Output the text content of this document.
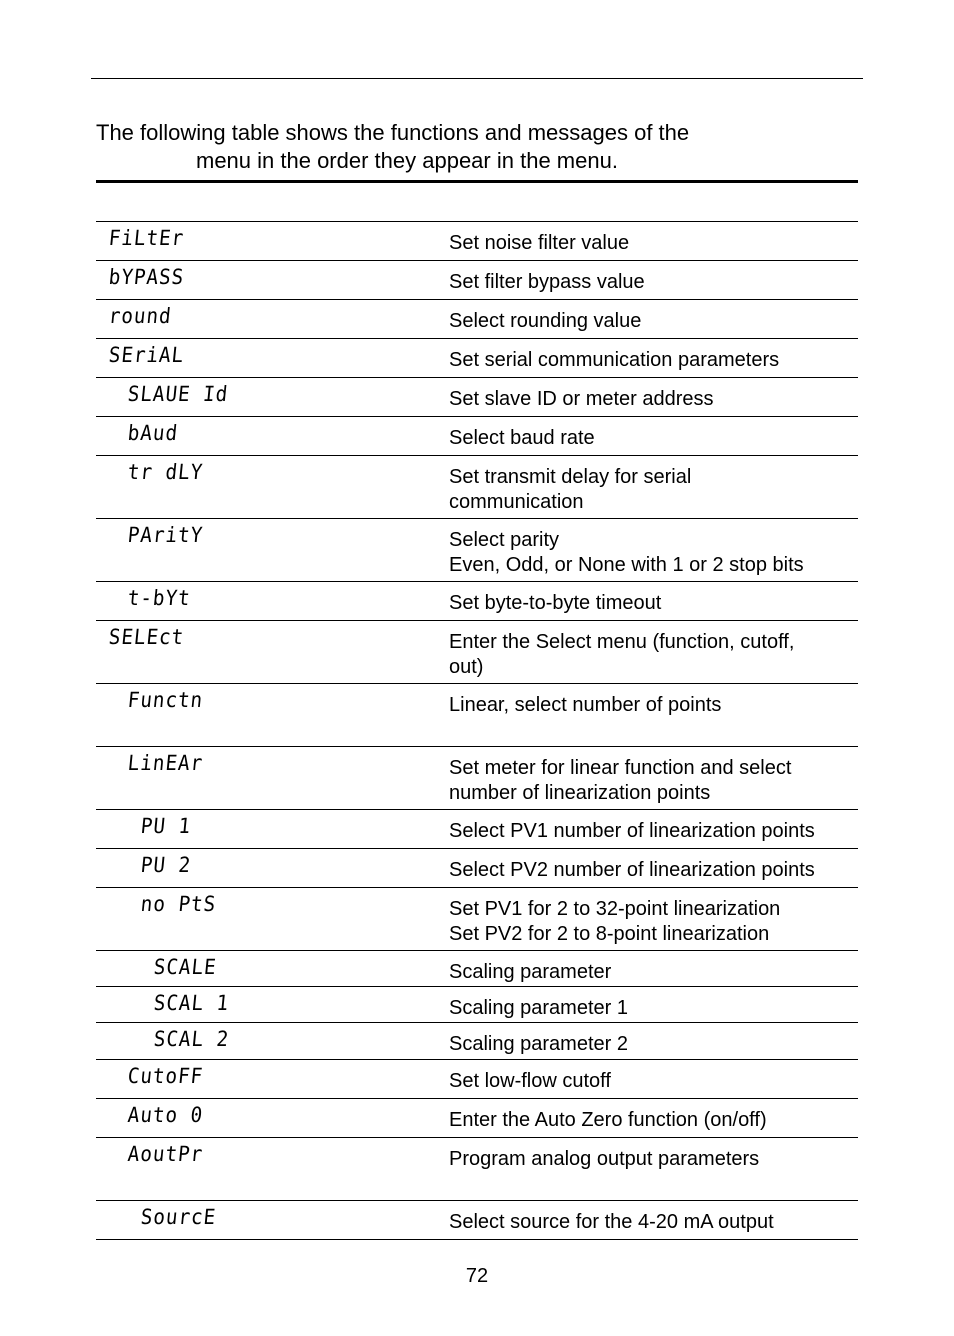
The following table shows the functions and messages of the
menu in the order they appear in the menu.
FiLtEr	Set noise filter value
bYPASS	Set filter bypass value
round	Select rounding value
SEriAL	Set serial communication parameters
SLAUE Id	Set slave ID or meter address
bAud	Select baud rate
tr dLY	Set transmit delay for serial
communication
PAritY	Select parity
Even, Odd, or None with 1 or 2 stop bits
t-bYt	Set byte-to-byte timeout
SELEct	Enter the Select menu (function, cutoff,
out)
Functn	Linear, select number of points
LinEAr	Set meter for linear function and select
number of linearization points
PU 1	Select PV1 number of linearization points
PU 2	Select PV2 number of linearization points
no PtS	Set PV1 for 2 to 32-point linearization
Set PV2 for 2 to 8-point linearization
SCALE	Scaling parameter
SCAL 1	Scaling parameter 1
SCAL 2	Scaling parameter 2
CutoFF	Set low-flow cutoff
Auto 0	Enter the Auto Zero function (on/off)
AoutPr	Program analog output parameters
SourcE	Select source for the 4-20 mA output
72
